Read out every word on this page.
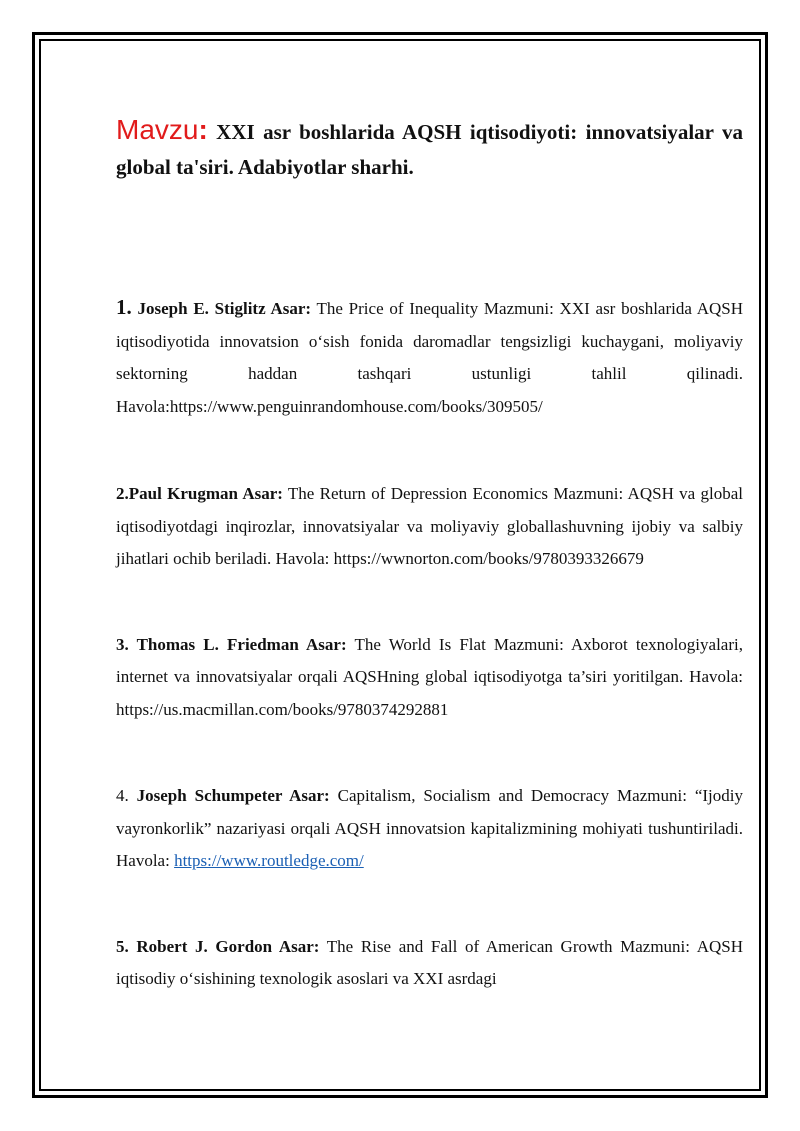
Mavzu: XXI asr boshlarida AQSH iqtisodiyoti: innovatsiyalar va global ta'siri. Adabiyotlar sharhi.

1. Joseph E. Stiglitz Asar: The Price of Inequality Mazmuni: XXI asr boshlarida AQSH iqtisodiyotida innovatsion o‘sish fonida daromadlar tengsizligi kuchaygani, moliyaviy sektorning haddan tashqari ustunligi tahlil qilinadi. Havola:https://www.penguinrandomhouse.com/books/309505/

2.Paul Krugman Asar: The Return of Depression Economics Mazmuni: AQSH va global iqtisodiyotdagi inqirozlar, innovatsiyalar va moliyaviy globallashuvning ijobiy va salbiy jihatlari ochib beriladi. Havola: https://wwnorton.com/books/9780393326679

3. Thomas L. Friedman Asar: The World Is Flat Mazmuni: Axborot texnologiyalari, internet va innovatsiyalar orqali AQSHning global iqtisodiyotga ta’siri yoritilgan. Havola: https://us.macmillan.com/books/9780374292881

4. Joseph Schumpeter Asar: Capitalism, Socialism and Democracy Mazmuni: “Ijodiy vayronkorlik” nazariyasi orqali AQSH innovatsion kapitalizmining mohiyati tushuntiriladi. Havola: https://www.routledge.com/

5. Robert J. Gordon Asar: The Rise and Fall of American Growth Mazmuni: AQSH iqtisodiy o‘sishining texnologik asoslari va XXI asrdagi
